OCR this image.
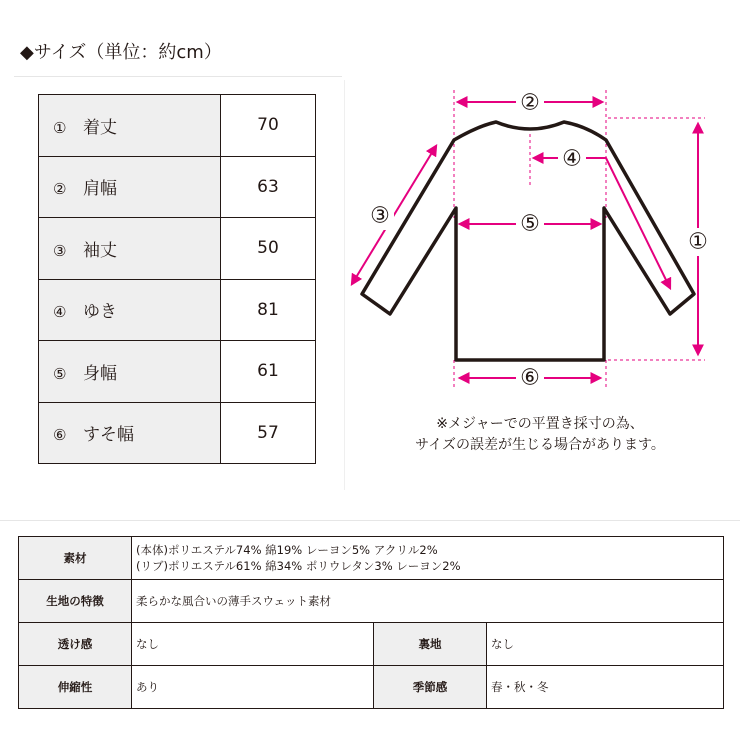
◆サイズ（単位：約cm）
① 着丈	70
② 肩幅	63
③ 袖丈	50
④ ゆき	81
⑤ 身幅	61
⑥ すそ幅	57
②
①
③
④
⑤
⑥
※メジャーでの平置き採寸の為、
サイズの誤差が生じる場合があります。
素材	(本体)ポリエステル74% 綿19% レーヨン5% アクリル2%
(リブ)ポリエステル61% 綿34% ポリウレタン3% レーヨン2%		

生地の特徴	柔らかな風合いの薄手スウェット素材		
透け感	なし	裏地	なし
伸縮性	あり	季節感	春・秋・冬
